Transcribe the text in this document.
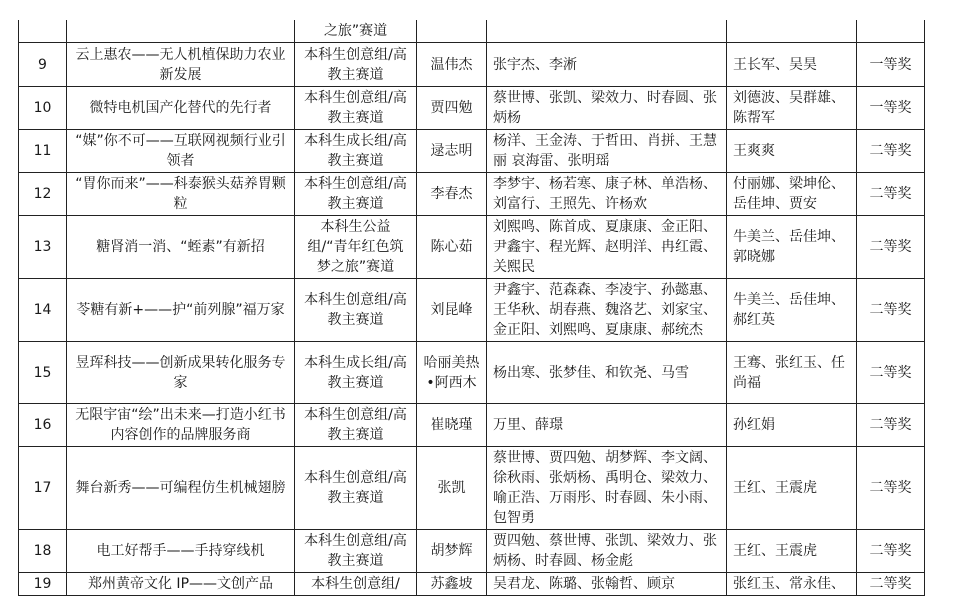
		之旅”赛道				
9	云上惠农——无人机植保助力农业新发展	本科生创意组/高教主赛道	温伟杰	张宇杰、李淅	王长军、吴昊	一等奖
10	微特电机国产化替代的先行者	本科生创意组/高教主赛道	贾四勉	蔡世博、张凯、梁效力、时春圆、张炳杨	刘德波、吴群雄、陈帮军	一等奖
11	“媒”你不可——互联网视频行业引领者	本科生成长组/高教主赛道	逯志明	杨洋、王金涛、于哲田、肖拼、王慧丽 哀海雷、张明瑶	王爽爽	二等奖
12	“胃你而来”——科泰猴头菇养胃颗粒	本科生创意组/高教主赛道	李春杰	李梦宇、杨若寒、康子林、单浩杨、刘富行、王照先、许杨欢	付丽娜、梁坤伦、岳佳坤、贾安	二等奖
13	糖肾消一消、“蛭素”有新招	本科生公益组/“青年红色筑梦之旅”赛道	陈心茹	刘熙鸣、陈首成、夏康康、金正阳、尹鑫宇、程光辉、赵明洋、冉红霞、关熙民	牛美兰、岳佳坤、郭晓娜	二等奖
14	苓糖有新+——护“前列腺”福万家	本科生创意组/高教主赛道	刘昆峰	尹鑫宇、范森森、李凌宇、孙懿惠、王华秋、胡春燕、魏洛艺、刘家宝、金正阳、刘熙鸣、夏康康、郝统杰	牛美兰、岳佳坤、郝红英	二等奖
15	昱珲科技——创新成果转化服务专家	本科生成长组/高教主赛道	哈丽美热•阿西木	杨出寒、张梦佳、和钦尧、马雪	王骞、张红玉、任尚福	二等奖
16	无限宇宙“绘”出未来—打造小红书内容创作的品牌服务商	本科生创意组/高教主赛道	崔晓瑾	万里、薛璟	孙红娟	二等奖
17	舞台新秀——可编程仿生机械翅膀	本科生创意组/高教主赛道	张凯	蔡世博、贾四勉、胡梦辉、李文阔、徐秋雨、张炳杨、禹明仓、梁效力、喻正浩、万雨彤、时春圆、朱小雨、包智勇	王红、王震虎	二等奖
18	电工好帮手——手持穿线机	本科生创意组/高教主赛道	胡梦辉	贾四勉、蔡世博、张凯、梁效力、张炳杨、时春圆、杨金彪	王红、王震虎	二等奖
19	郑州黄帝文化 IP——文创产品	本科生创意组/	苏鑫坡	吴君龙、陈璐、张翰哲、顾京	张红玉、常永佳、	二等奖
